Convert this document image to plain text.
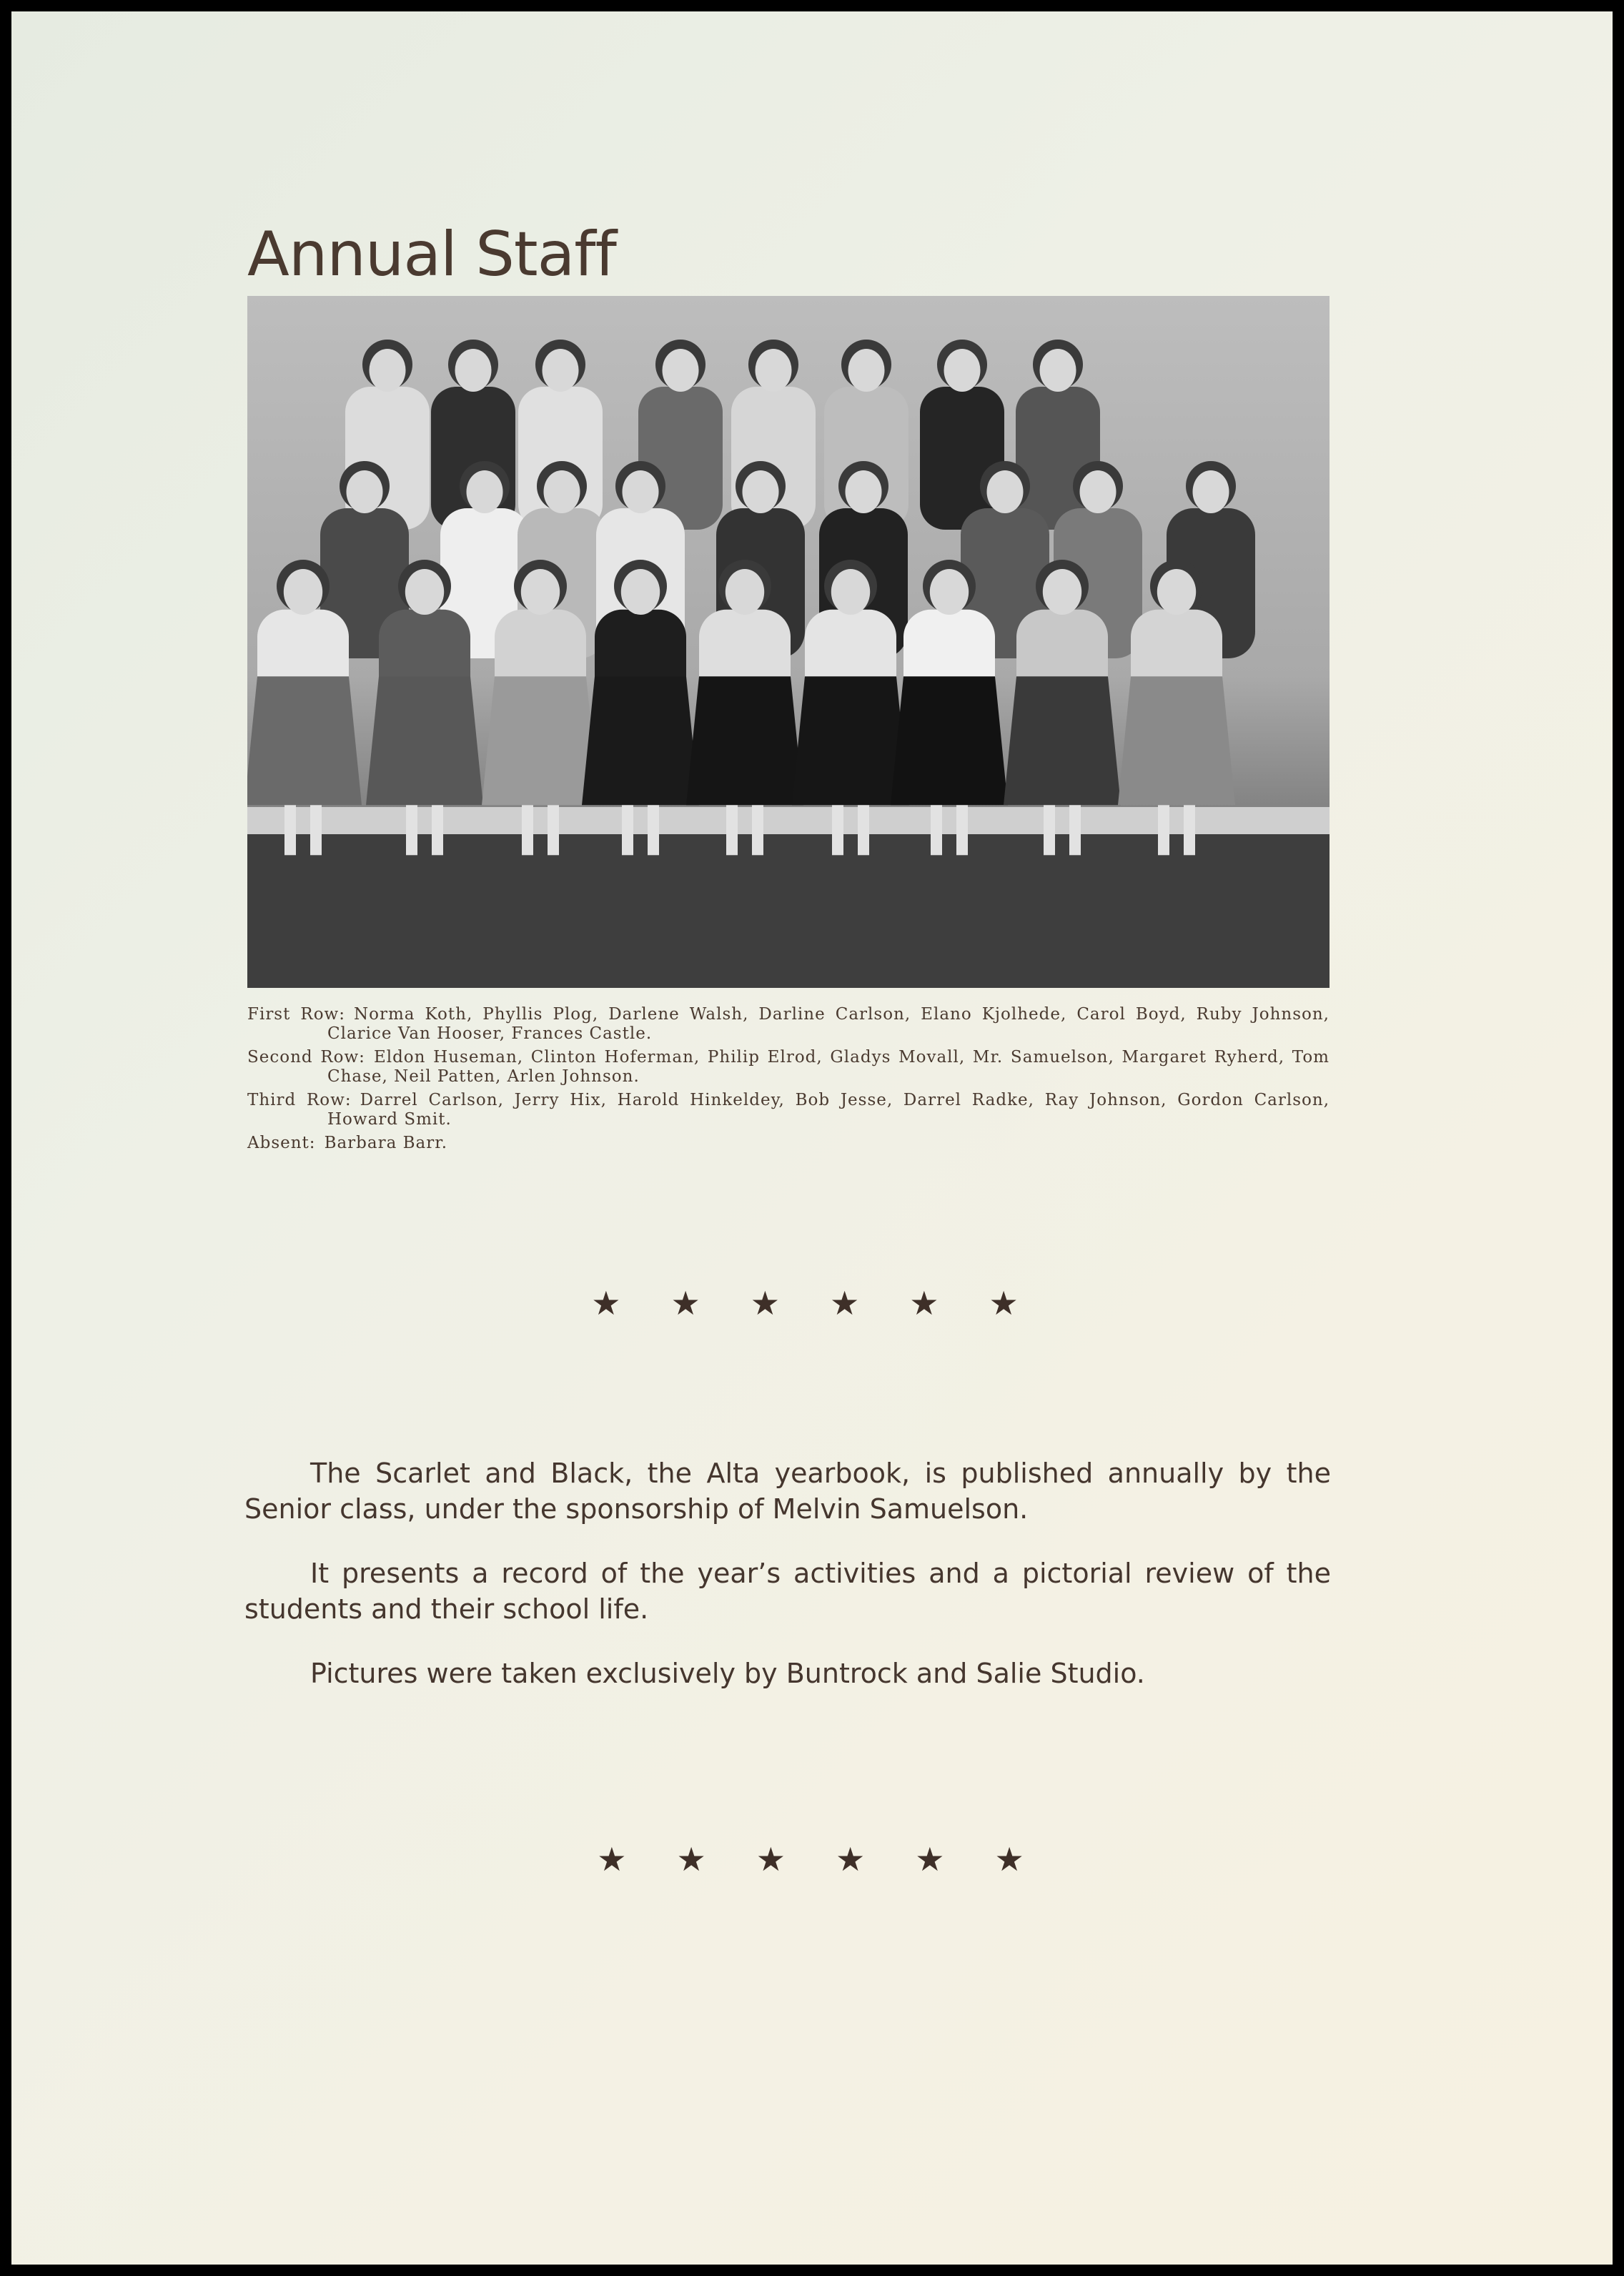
Annual Staff

First Row: Norma Koth, Phyllis Plog, Darlene Walsh, Darline Carlson, Elano Kjolhede, Carol Boyd, Ruby Johnson, Clarice Van Hooser, Frances Castle.

Second Row: Eldon Huseman, Clinton Hoferman, Philip Elrod, Gladys Movall, Mr. Samuelson, Margaret Ryherd, Tom Chase, Neil Patten, Arlen Johnson.

Third Row: Darrel Carlson, Jerry Hix, Harold Hinkeldey, Bob Jesse, Darrel Radke, Ray Johnson, Gordon Carlson, Howard Smit.

Absent: Barbara Barr.

★ ★ ★ ★ ★ ★

The Scarlet and Black, the Alta yearbook, is published annually by the Senior class, under the sponsorship of Melvin Samuelson.

It presents a record of the year’s activities and a pictorial review of the students and their school life.

Pictures were taken exclusively by Buntrock and Salie Studio.

★ ★ ★ ★ ★ ★
